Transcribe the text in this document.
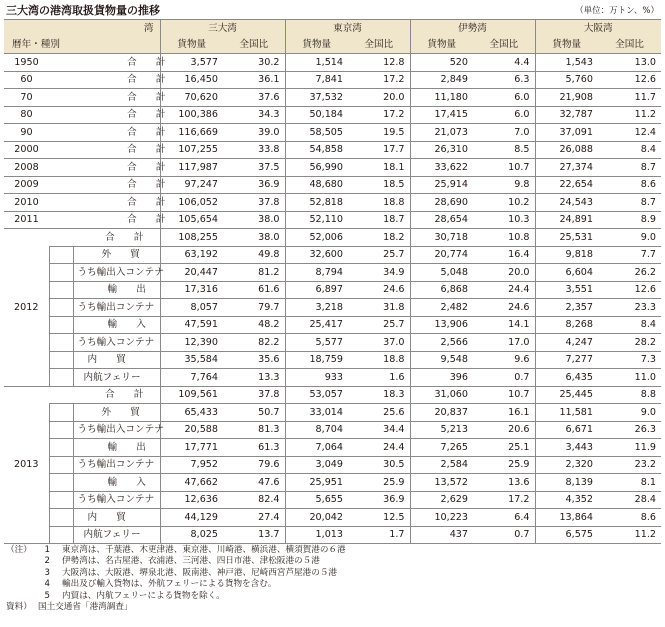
三大湾の港湾取扱貨物量の推移	（単位：万トン、%）
湾			三大湾		東京湾		伊勢湾		大阪湾	
暦年・種別			貨物量	全国比	貨物量	全国比	貨物量	全国比	貨物量	全国比
1950	合　　計		3,577	30.2	1,514	12.8	520	4.4	1,543	13.0
60	合　　計		16,450	36.1	7,841	17.2	2,849	6.3	5,760	12.6
70	合　　計		70,620	37.6	37,532	20.0	11,180	6.0	21,908	11.7
80	合　　計		100,386	34.3	50,184	17.2	17,415	6.0	32,787	11.2
90	合　　計		116,669	39.0	58,505	19.5	21,073	7.0	37,091	12.4
2000	合　　計		107,255	33.8	54,858	17.7	26,310	8.5	26,088	8.4
2008	合　　計		117,987	37.5	56,990	18.1	33,622	10.7	27,374	8.7
2009	合　　計		97,247	36.9	48,680	18.5	25,914	9.8	22,654	8.6
2010	合　　計		106,052	37.8	52,818	18.8	28,690	10.2	24,543	8.7
2011	合　　計		105,654	38.0	52,110	18.7	28,654	10.3	24,891	8.9
2012	合　　計		108,255	38.0	52,006	18.2	30,718	10.8	25,531	9.0
		外　　貿	63,192	49.8	32,600	25.7	20,774	16.4	9,818	7.7
		うち輸出入コンテナ	20,447	81.2	8,794	34.9	5,048	20.0	6,604	26.2
		輸　　出	17,316	61.6	6,897	24.6	6,868	24.4	3,551	12.6
		うち輸出コンテナ	8,057	79.7	3,218	31.8	2,482	24.6	2,357	23.3
		輸　　入	47,591	48.2	25,417	25.7	13,906	14.1	8,268	8.4
		うち輸入コンテナ	12,390	82.2	5,577	37.0	2,566	17.0	4,247	28.2
		内　　貿	35,584	35.6	18,759	18.8	9,548	9.6	7,277	7.3
		内航フェリー	7,764	13.3	933	1.6	396	0.7	6,435	11.0
2013	合　　計		109,561	37.8	53,057	18.3	31,060	10.7	25,445	8.8
		外　　貿	65,433	50.7	33,014	25.6	20,837	16.1	11,581	9.0
		うち輸出入コンテナ	20,588	81.3	8,704	34.4	5,213	20.6	6,671	26.3
		輸　　出	17,771	61.3	7,064	24.4	7,265	25.1	3,443	11.9
		うち輸出コンテナ	7,952	79.6	3,049	30.5	2,584	25.9	2,320	23.2
		輸　　入	47,662	47.6	25,951	25.9	13,572	13.6	8,139	8.1
		うち輸入コンテナ	12,636	82.4	5,655	36.9	2,629	17.2	4,352	28.4
		内　　貿	44,129	27.4	20,042	12.5	10,223	6.4	13,864	8.6
		内航フェリー	8,025	13.7	1,013	1.7	437	0.7	6,575	11.2
（注） 1 東京湾は、千葉港、木更津港、東京港、川崎港、横浜港、横須賀港の６港
2 伊勢湾は、名古屋港、衣浦港、三河港、四日市港、津松阪港の５港
3 大阪湾は、大阪港、堺泉北港、阪南港、神戸港、尼崎西宮芦屋港の５港
4 輸出及び輸入貨物は、外航フェリーによる貨物を含む。
5 内貿は、内航フェリーによる貨物を除く。
資料） 国土交通省「港湾調査」
